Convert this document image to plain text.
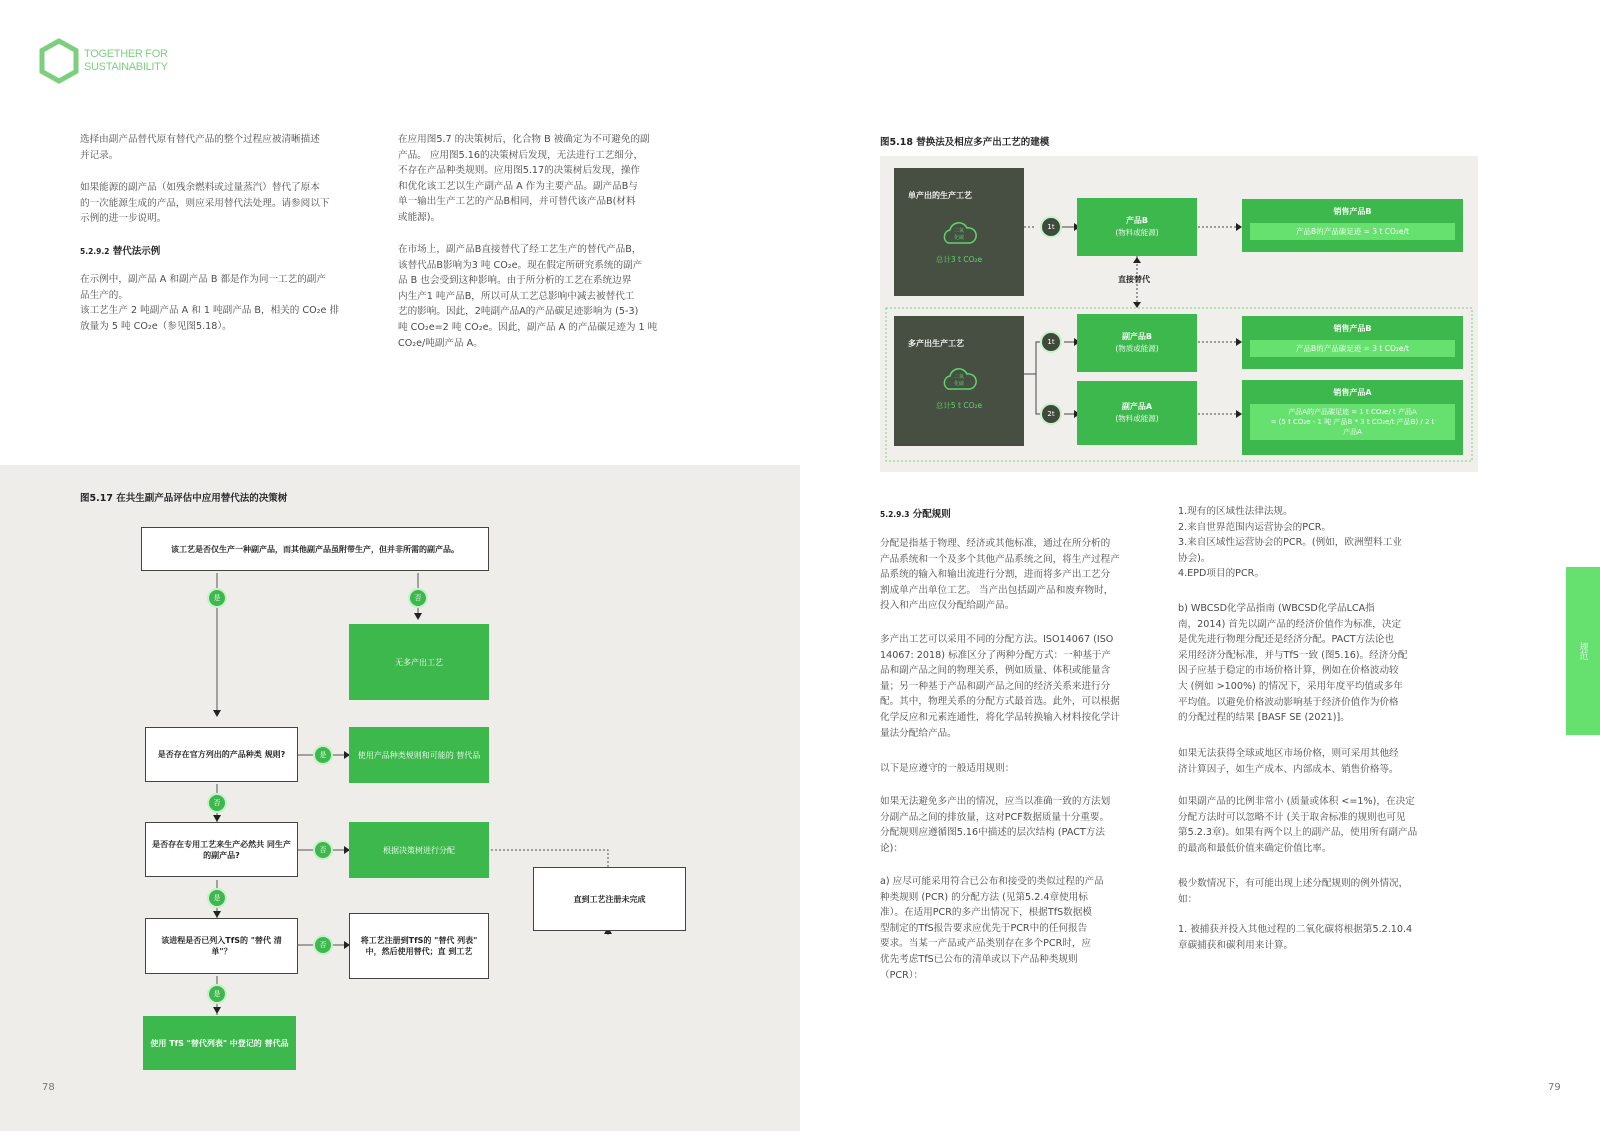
TOGETHER FOR
SUSTAINABILITY
选择由副产品替代原有替代产品的整个过程应被清晰描述
并记录。
如果能源的副产品（如残余燃料或过量蒸汽）替代了原本
的一次能源生成的产品，则应采用替代法处理。请参阅以下
示例的进一步说明。
5.2.9.2 替代法示例
在示例中，副产品 A 和副产品 B 都是作为同一工艺的副产
品生产的。
该工艺生产 2 吨副产品 A 和 1 吨副产品 B，相关的 CO₂e 排
放量为 5 吨 CO₂e（参见图5.18）。
在应用图5.7 的决策树后，化合物 B 被确定为不可避免的副
产品。 应用图5.16的决策树后发现，无法进行工艺细分，
不存在产品种类规则。应用图5.17的决策树后发现，操作
和优化该工艺以生产副产品 A 作为主要产品。副产品B与
单一输出生产工艺的产品B相同，并可替代该产品B(材料
或能源)。
在市场上，副产品B直接替代了经工艺生产的替代产品B，
该替代品B影响为3 吨 CO₂e。现在假定所研究系统的副产
品 B 也会受到这种影响。由于所分析的工艺在系统边界
内生产1 吨产品B，所以可从工艺总影响中减去被替代工
艺的影响。因此，2吨副产品A的产品碳足迹影响为 (5-3)
吨 CO₂e=2 吨 CO₂e。因此，副产品 A 的产品碳足迹为 1 吨
CO₂e/吨副产品 A。
图5.17 在共生副产品评估中应用替代法的决策树
该工艺是否仅生产一种副产品，而其他副产品虽附带生产，但并非所需的副产品。
是	否
无多产出工艺
是否存在官方列出的产品种类 规则?	是	使用产品种类规则和可能的 替代品
否
是否存在专用工艺来生产必然共 同生产的副产品?
否	根据决策树进行分配
是
该进程是否已列入TfS的 "替代 清单"？
否	将工艺注册到TfS的 "替代 列表" 中，然后使用替代；直 到工艺
直到工艺注册未完成
是
使用 TfS "替代列表" 中登记的 替代品
78
图5.18 替换法及相应多产出工艺的建模
单产出的生产工艺
二氧
化碳
总计3 t CO₂e
多产出生产工艺
二氧
化碳
总计5 t CO₂e
1t
1t
2t
产品B
(物料或能源)
直接替代
副产品B
(物质或能源)
副产品A
(物料或能源)
销售产品B
产品B的产品碳足迹 = 3 t CO₂e/t
销售产品B
产品B的产品碳足迹 = 3 t CO₂e/t
销售产品A
产品A的产品碳足迹 = 1 t CO₂e/ t 产品A
= (5 t CO₂e - 1 吨 产品B * 3 t CO₂e/t 产品B) / 2 t
产品A
5.2.9.3 分配规则
分配是指基于物理、经济或其他标准，通过在所分析的
产品系统和一个及多个其他产品系统之间，将生产过程产
品系统的输入和输出流进行分割，进而将多产出工艺分
割成单产出单位工艺。 当产出包括副产品和废弃物时，
投入和产出应仅分配给副产品。
多产出工艺可以采用不同的分配方法。ISO14067 (ISO
14067: 2018) 标准区分了两种分配方式：一种基于产
品和副产品之间的物理关系，例如质量、体积或能量含
量；另一种基于产品和副产品之间的经济关系来进行分
配。其中，物理关系的分配方式最首选。此外，可以根据
化学反应和元素连通性，将化学品转换输入材料按化学计
量法分配给产品。
以下是应遵守的一般适用规则：
如果无法避免多产出的情况，应当以准确一致的方法划
分副产品之间的排放量，这对PCF数据质量十分重要。
分配规则应遵循图5.16中描述的层次结构 (PACT方法
论)：
a) 应尽可能采用符合已公布和接受的类似过程的产品
种类规则 (PCR) 的分配方法 (见第5.2.4章使用标
准）。在适用PCR的多产出情况下，根据TfS数据模
型制定的TfS报告要求应优先于PCR中的任何报告
要求。当某一产品或产品类别存在多个PCR时，应
优先考虑TfS已公布的清单或以下产品种类规则
（PCR）：
1.现有的区域性法律法规。
2.来自世界范围内运营协会的PCR。
3.来自区域性运营协会的PCR。(例如，欧洲塑料工业
协会)。
4.EPD项目的PCR。
b) WBCSD化学品指南 (WBCSD化学品LCA指
南，2014) 首先以副产品的经济价值作为标准，决定
是优先进行物理分配还是经济分配。PACT方法论也
采用经济分配标准，并与TfS一致 (图5.16)。经济分配
因子应基于稳定的市场价格计算，例如在价格波动较
大 (例如 >100%) 的情况下，采用年度平均值或多年
平均值。以避免价格波动影响基于经济价值作为价格
的分配过程的结果 [BASF SE (2021)]。
如果无法获得全球或地区市场价格，则可采用其他经
济计算因子，如生产成本、内部成本、销售价格等。
如果副产品的比例非常小 (质量或体积 <=1%)，在决定
分配方法时可以忽略不计 (关于取舍标准的规则也可见
第5.2.3章)。如果有两个以上的副产品，使用所有副产品
的最高和最低价值来确定价值比率。
极少数情况下，有可能出现上述分配规则的例外情况，
如：
1. 被捕获并投入其他过程的二氧化碳将根据第5.2.10.4
章碳捕获和碳利用来计算。
规范
79
